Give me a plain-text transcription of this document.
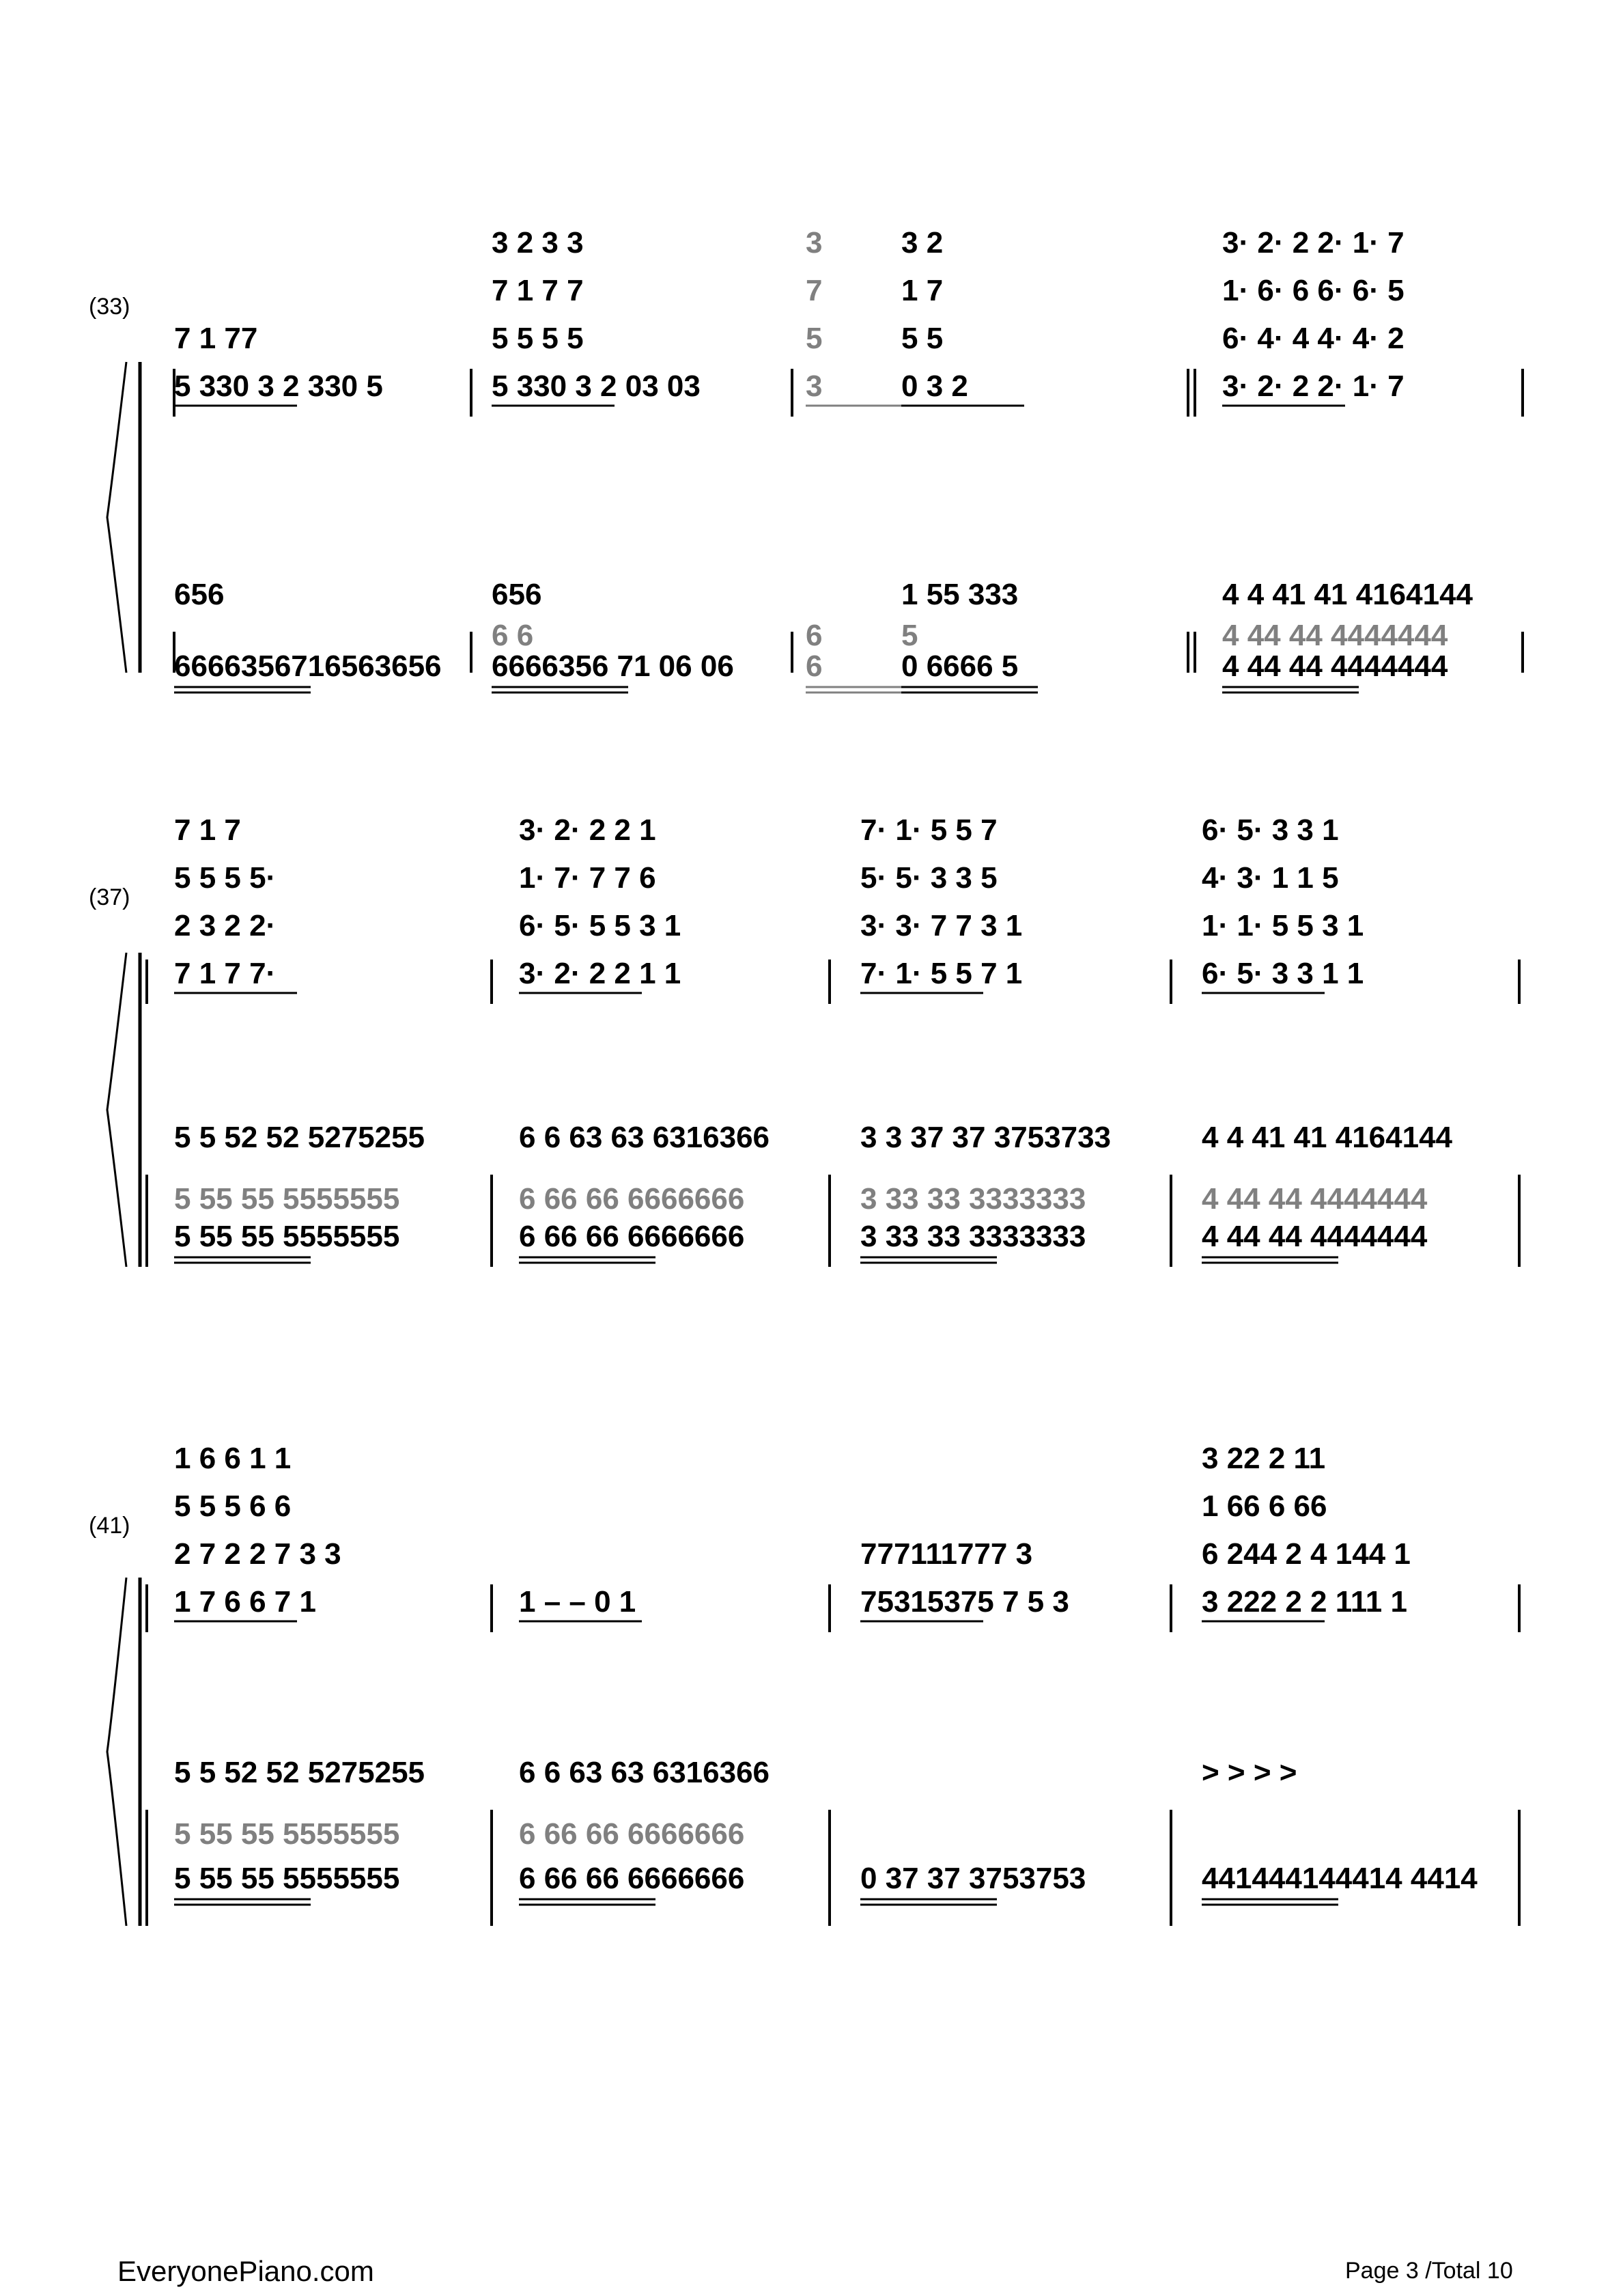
(33)
7 1 77
5 330 3 2 330 5
3 2 3 3
7 1 7 7
5 5 5 5
5 330 3 2 03 03
3
7
5
3
3 2
1 7
5 5
0 3 2
3· 2· 2 2· 1· 7
1· 6· 6 6· 6· 5
6· 4· 4 4· 4· 2
3· 2· 2 2· 1· 7
656
6666356716563656
656
6 6
6666356 71 06 06
6
6
1 55 333
5
0 6666 5
4 4 41 41 4164144
4 44 44 4444444
4 44 44 4444444
(37)
7 1 7
5 5 5 5·
2 3 2 2·
7 1 7 7·
3· 2· 2 2 1
1· 7· 7 7 6
6· 5· 5 5 3 1
3· 2· 2 2 1 1
7· 1· 5 5 7
5· 5· 3 3 5
3· 3· 7 7 3 1
7· 1· 5 5 7 1
6· 5· 3 3 1
4· 3· 1 1 5
1· 1· 5 5 3 1
6· 5· 3 3 1 1
5 5 52 52 5275255
5 55 55 5555555
5 55 55 5555555
6 6 63 63 6316366
6 66 66 6666666
6 66 66 6666666
3 3 37 37 3753733
3 33 33 3333333
3 33 33 3333333
4 4 41 41 4164144
4 44 44 4444444
4 44 44 4444444
(41)
1 6 6 1 1
5 5 5 6 6
2 7 2 2 7 3 3
1 7 6 6 7 1	1 – – 0 1
777111777 3
75315375 7 5 3
3 22 2 11
1 66 6 66
6 244 2 4 144 1
3 222 2 2 111 1
5 5 52 52 5275255
5 55 55 5555555
5 55 55 5555555
6 6 63 63 6316366
6 66 66 6666666
6 66 66 6666666	0 37 37 3753753
> > > >
441444144414 4414
EveryonePiano.com	Page 3 /Total 10
